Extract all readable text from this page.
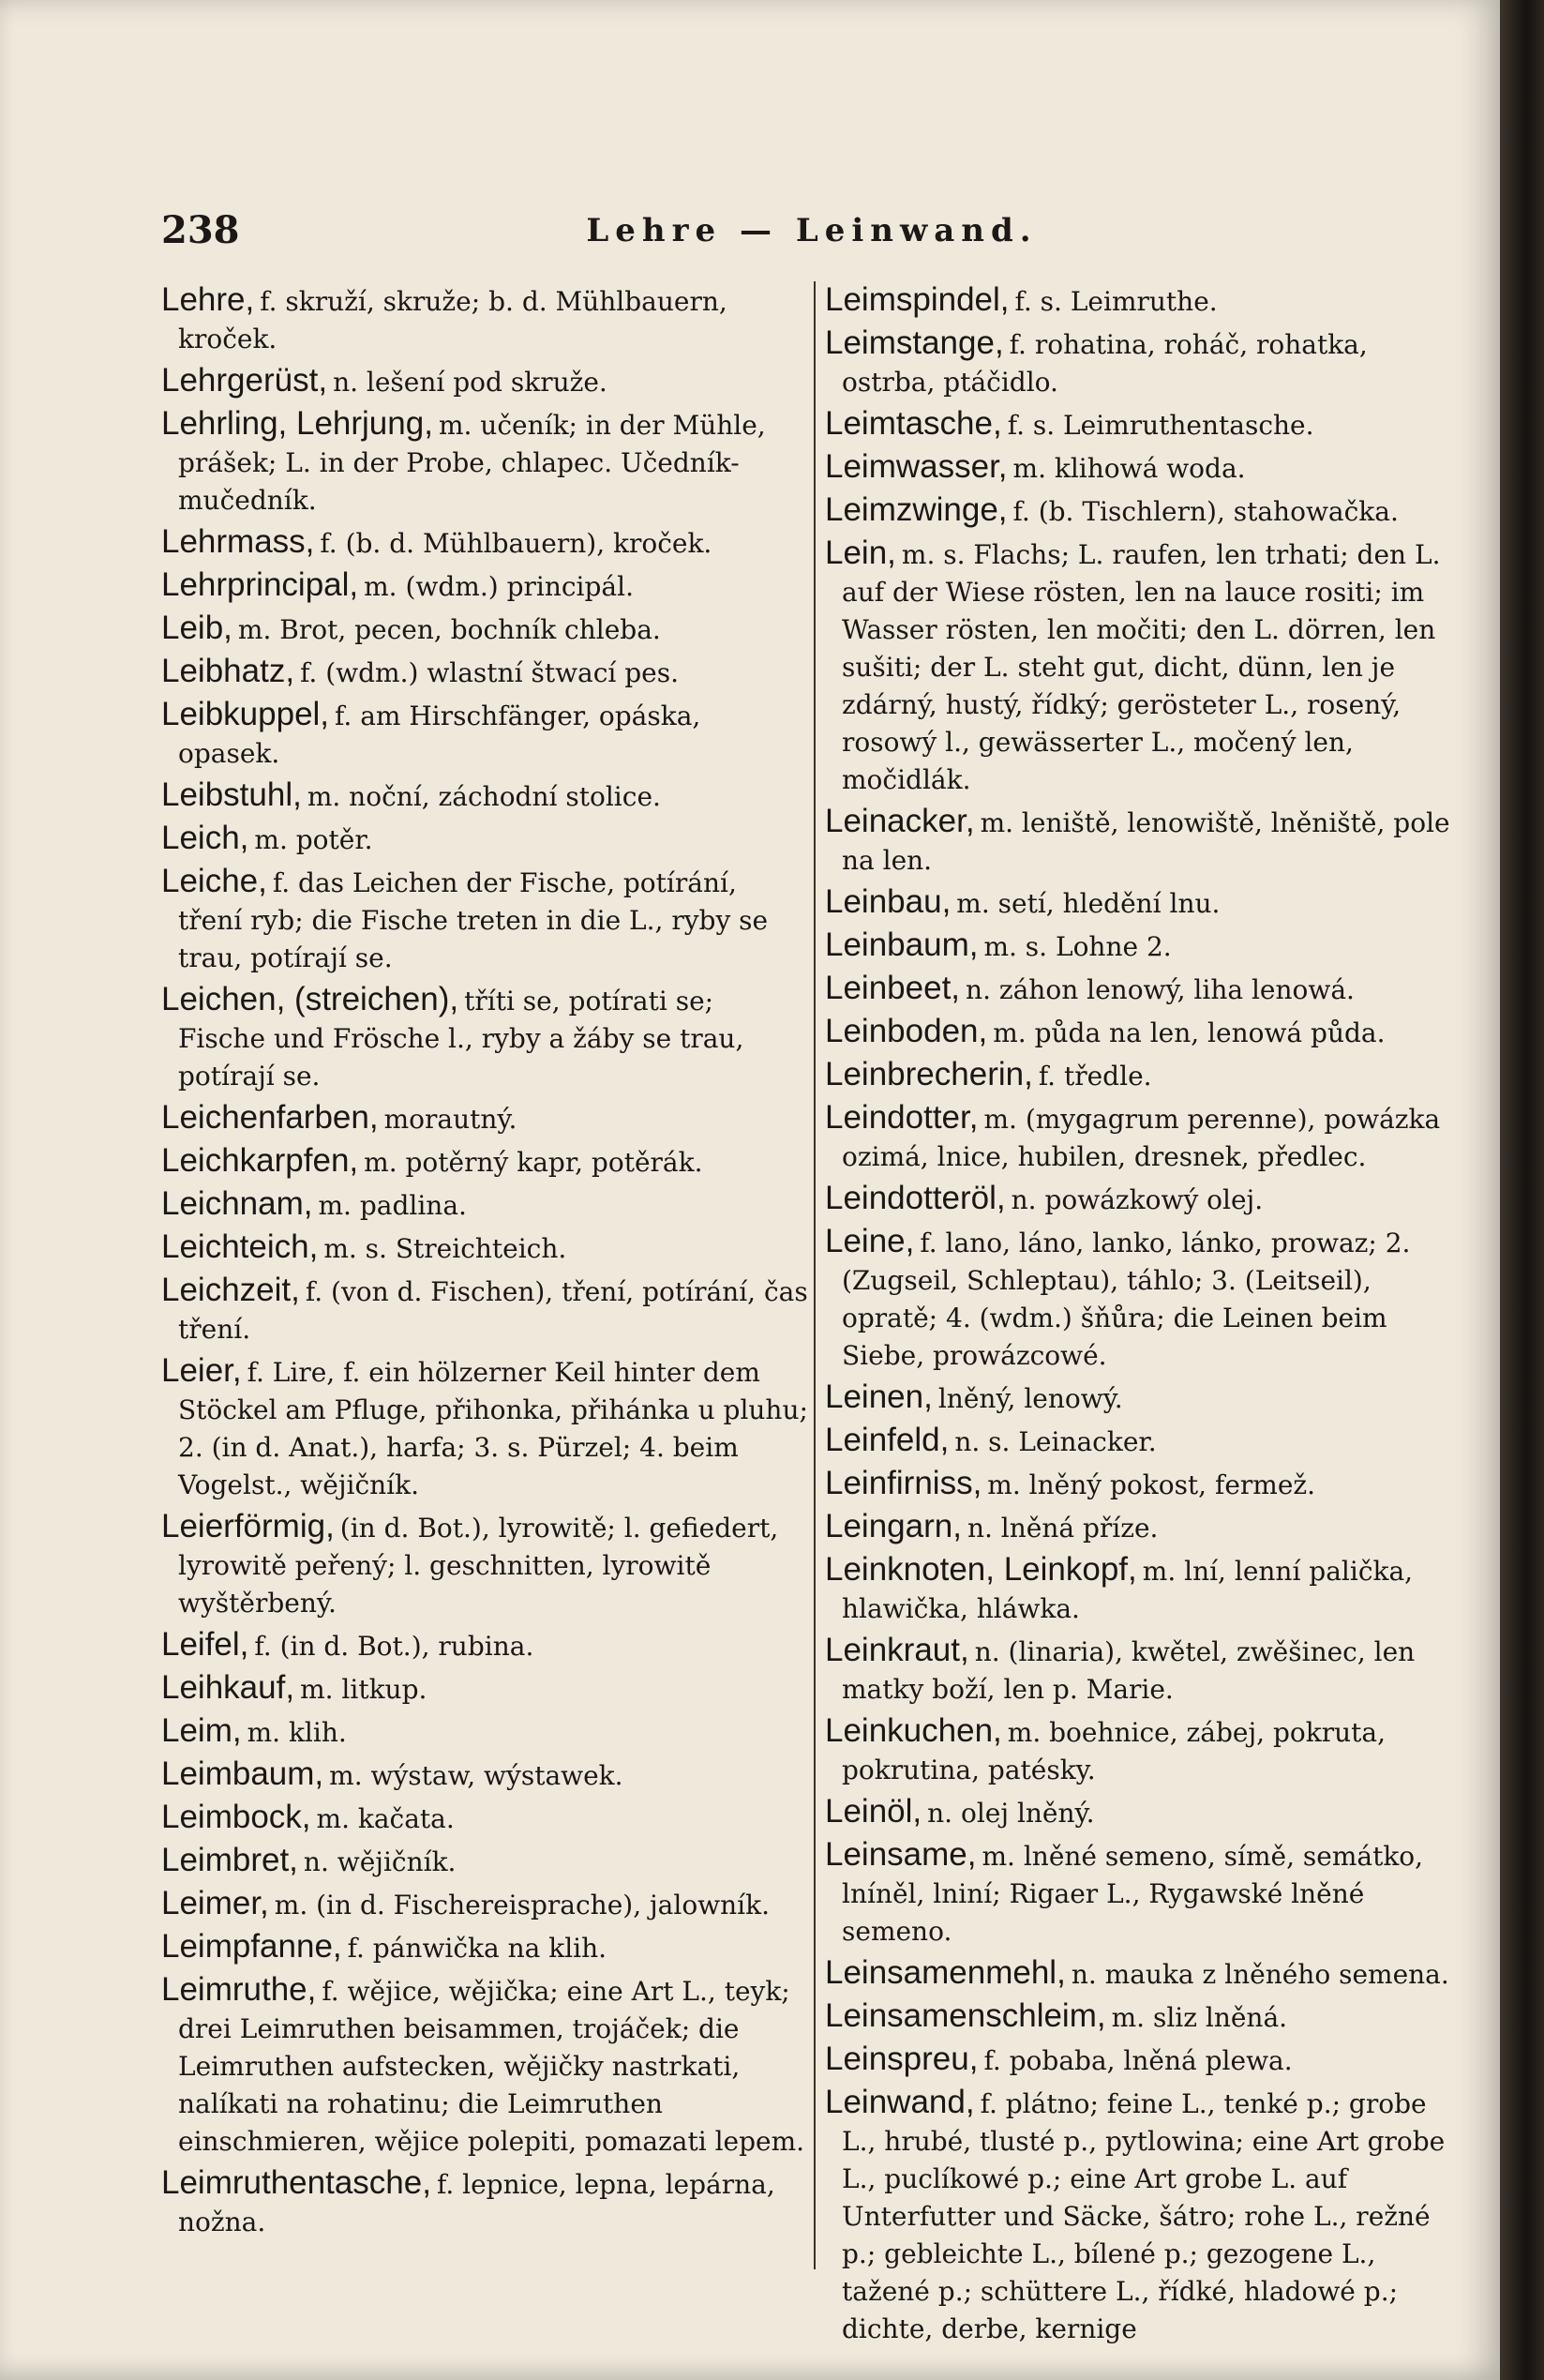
238	Lehre — Leinwand.
Lehre, f. skruží, skruže; b. d. Mühlbauern, kroček.
Lehrgerüst, n. lešení pod skruže.
Lehrling, Lehrjung, m. učeník; in der Mühle, prášek; L. in der Probe, chlapec. Učedník-mučedník.
Lehrmass, f. (b. d. Mühlbauern), kroček.
Lehrprincipal, m. (wdm.) principál.
Leib, m. Brot, pecen, bochník chleba.
Leibhatz, f. (wdm.) wlastní štwací pes.
Leibkuppel, f. am Hirschfänger, opáska, opasek.
Leibstuhl, m. noční, záchodní stolice.
Leich, m. potěr.
Leiche, f. das Leichen der Fische, potírání, tření ryb; die Fische treten in die L., ryby se trau, potírají se.
Leichen, (streichen), tříti se, potírati se; Fische und Frösche l., ryby a žáby se trau, potírají se.
Leichenfarben, morautný.
Leichkarpfen, m. potěrný kapr, potěrák.
Leichnam, m. padlina.
Leichteich, m. s. Streichteich.
Leichzeit, f. (von d. Fischen), tření, potírání, čas tření.
Leier, f. Lire, f. ein hölzerner Keil hinter dem Stöckel am Pfluge, přihonka, přihánka u pluhu; 2. (in d. Anat.), harfa; 3. s. Pürzel; 4. beim Vogelst., wějičník.
Leierförmig, (in d. Bot.), lyrowitě; l. gefiedert, lyrowitě peřený; l. geschnitten, lyrowitě wyštěrbený.
Leifel, f. (in d. Bot.), rubina.
Leihkauf, m. litkup.
Leim, m. klih.
Leimbaum, m. wýstaw, wýstawek.
Leimbock, m. kačata.
Leimbret, n. wějičník.
Leimer, m. (in d. Fischereisprache), jalowník.
Leimpfanne, f. pánwička na klih.
Leimruthe, f. wějice, wějička; eine Art L., teyk; drei Leimruthen beisammen, trojáček; die Leimruthen aufstecken, wějičky nastrkati, nalíkati na rohatinu; die Leimruthen einschmieren, wějice polepiti, pomazati lepem.
Leimruthentasche, f. lepnice, lepna, lepárna, nožna.
Leimspindel, f. s. Leimruthe.
Leimstange, f. rohatina, roháč, rohatka, ostrba, ptáčidlo.
Leimtasche, f. s. Leimruthentasche.
Leimwasser, m. klihowá woda.
Leimzwinge, f. (b. Tischlern), stahowačka.
Lein, m. s. Flachs; L. raufen, len trhati; den L. auf der Wiese rösten, len na lauce rositi; im Wasser rösten, len močiti; den L. dörren, len sušiti; der L. steht gut, dicht, dünn, len je zdárný, hustý, řídký; gerösteter L., rosený, rosowý l., gewässerter L., močený len, močidlák.
Leinacker, m. leniště, lenowiště, lněniště, pole na len.
Leinbau, m. setí, hledění lnu.
Leinbaum, m. s. Lohne 2.
Leinbeet, n. záhon lenowý, liha lenowá.
Leinboden, m. půda na len, lenowá půda.
Leinbrecherin, f. tředle.
Leindotter, m. (mygagrum perenne), powázka ozimá, lnice, hubilen, dresnek, předlec.
Leindotteröl, n. powázkowý olej.
Leine, f. lano, láno, lanko, lánko, prowaz; 2. (Zugseil, Schleptau), táhlo; 3. (Leitseil), opratě; 4. (wdm.) šňůra; die Leinen beim Siebe, prowázcowé.
Leinen, lněný, lenowý.
Leinfeld, n. s. Leinacker.
Leinfirniss, m. lněný pokost, fermež.
Leingarn, n. lněná příze.
Leinknoten, Leinkopf, m. lní, lenní palička, hlawička, hláwka.
Leinkraut, n. (linaria), kwětel, zwěšinec, len matky boží, len p. Marie.
Leinkuchen, m. boehnice, zábej, pokruta, pokrutina, patésky.
Leinöl, n. olej lněný.
Leinsame, m. lněné semeno, símě, semátko, lníněl, lniní; Rigaer L., Rygawské lněné semeno.
Leinsamenmehl, n. mauka z lněného semena.
Leinsamenschleim, m. sliz lněná.
Leinspreu, f. pobaba, lněná plewa.
Leinwand, f. plátno; feine L., tenké p.; grobe L., hrubé, tlusté p., pytlowina; eine Art grobe L., puclíkowé p.; eine Art grobe L. auf Unterfutter und Säcke, šátro; rohe L., režné p.; gebleichte L., bílené p.; gezogene L., tažené p.; schüttere L., řídké, hladowé p.; dichte, derbe, kernige
